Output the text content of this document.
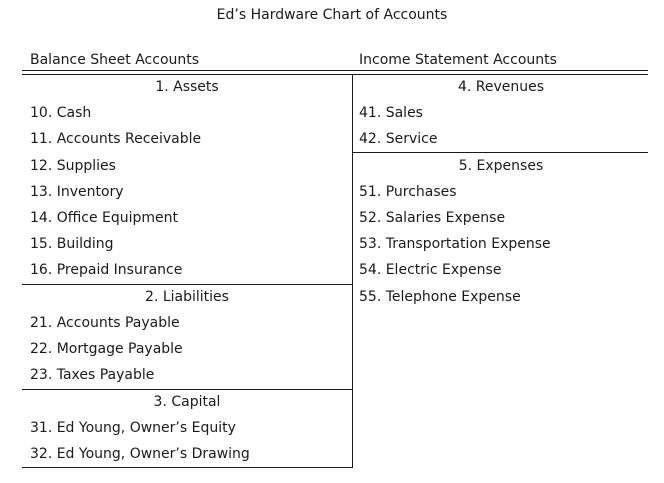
Ed’s Hardware Chart of Accounts
Balance Sheet Accounts	Income Statement Accounts
1. Assets
10. Cash
11. Accounts Receivable
12. Supplies
13. Inventory
14. Office Equipment
15. Building
16. Prepaid Insurance
2. Liabilities
21. Accounts Payable
22. Mortgage Payable
23. Taxes Payable
3. Capital
31. Ed Young, Owner’s Equity
32. Ed Young, Owner’s Drawing
4. Revenues
41. Sales
42. Service
5. Expenses
51. Purchases
52. Salaries Expense
53. Transportation Expense
54. Electric Expense
55. Telephone Expense
